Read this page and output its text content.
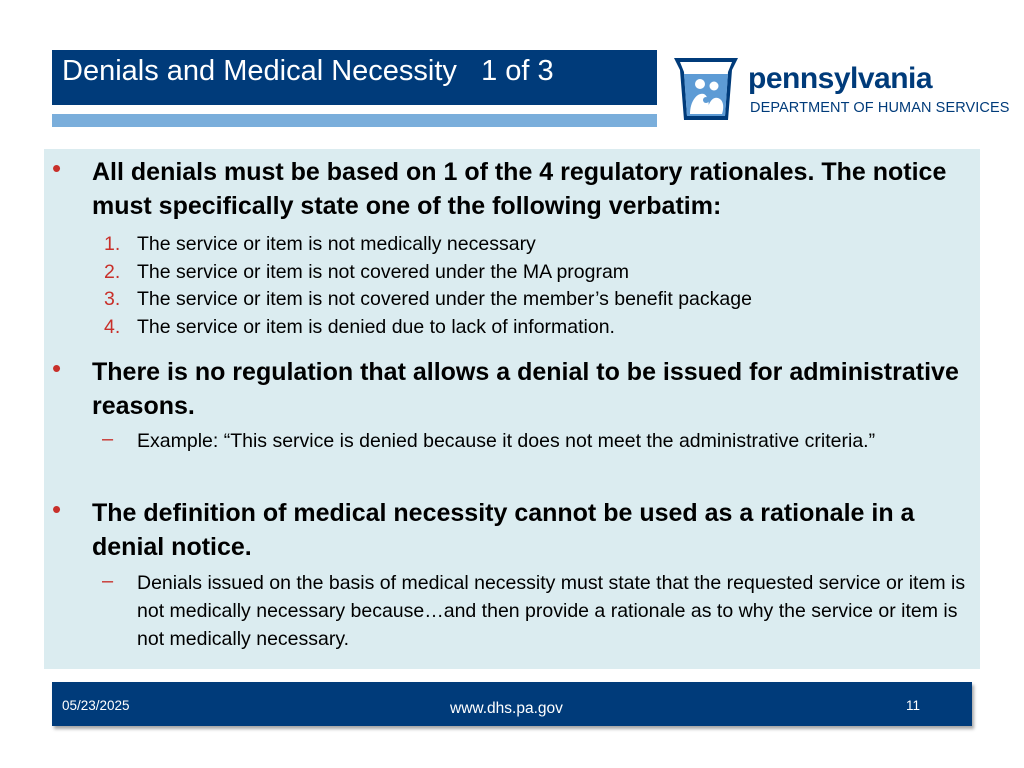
Denials and Medical Necessity   1 of 3	pennsylvania
DEPARTMENT OF HUMAN SERVICES
• All denials must be based on 1 of the 4 regulatory rationales. The notice must specifically state one of the following verbatim:
1. The service or item is not medically necessary
2. The service or item is not covered under the MA program
3. The service or item is not covered under the member’s benefit package
4. The service or item is denied due to lack of information.
• There is no regulation that allows a denial to be issued for administrative reasons.
– Example: “This service is denied because it does not meet the administrative criteria.”
• The definition of medical necessity cannot be used as a rationale in a denial notice.
– Denials issued on the basis of medical necessity must state that the requested service or item is not medically necessary because…and then provide a rationale as to why the service or item is not medically necessary.
05/23/2025	www.dhs.pa.gov	11
